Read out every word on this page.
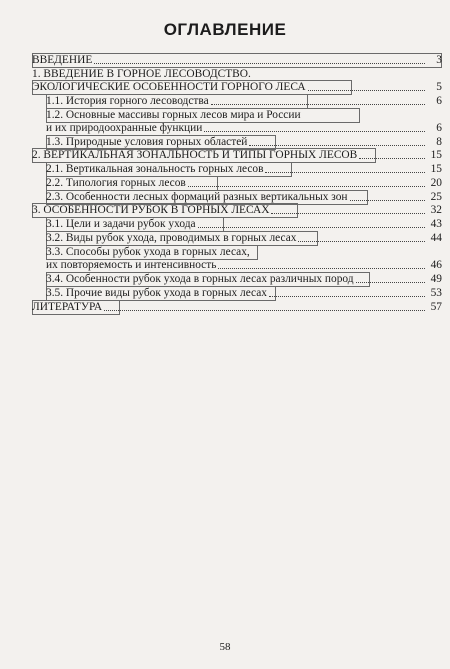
ОГЛАВЛЕНИЕ
ВВЕДЕНИЕ	3
1. ВВЕДЕНИЕ В ГОРНОЕ ЛЕСОВОДСТВО.
ЭКОЛОГИЧЕСКИЕ ОСОБЕННОСТИ ГОРНОГО ЛЕСА	5
1.1. История горного лесоводства	6
1.2. Основные массивы горных лесов мира и России
и их природоохранные функции	6
1.3. Природные условия горных областей	8
2. ВЕРТИКАЛЬНАЯ ЗОНАЛЬНОСТЬ И ТИПЫ ГОРНЫХ ЛЕСОВ	15
2.1. Вертикальная зональность горных лесов	15
2.2. Типология горных лесов	20
2.3. Особенности лесных формаций разных вертикальных зон	25
3. ОСОБЕННОСТИ РУБОК В ГОРНЫХ ЛЕСАХ	32
3.1. Цели и задачи рубок ухода	43
3.2. Виды рубок ухода, проводимых в горных лесах	44
3.3. Способы рубок ухода в горных лесах,
их повторяемость и интенсивность	46
3.4. Особенности рубок ухода в горных лесах различных пород	49
3.5. Прочие виды рубок ухода в горных лесах	53
ЛИТЕРАТУРА	57
58
